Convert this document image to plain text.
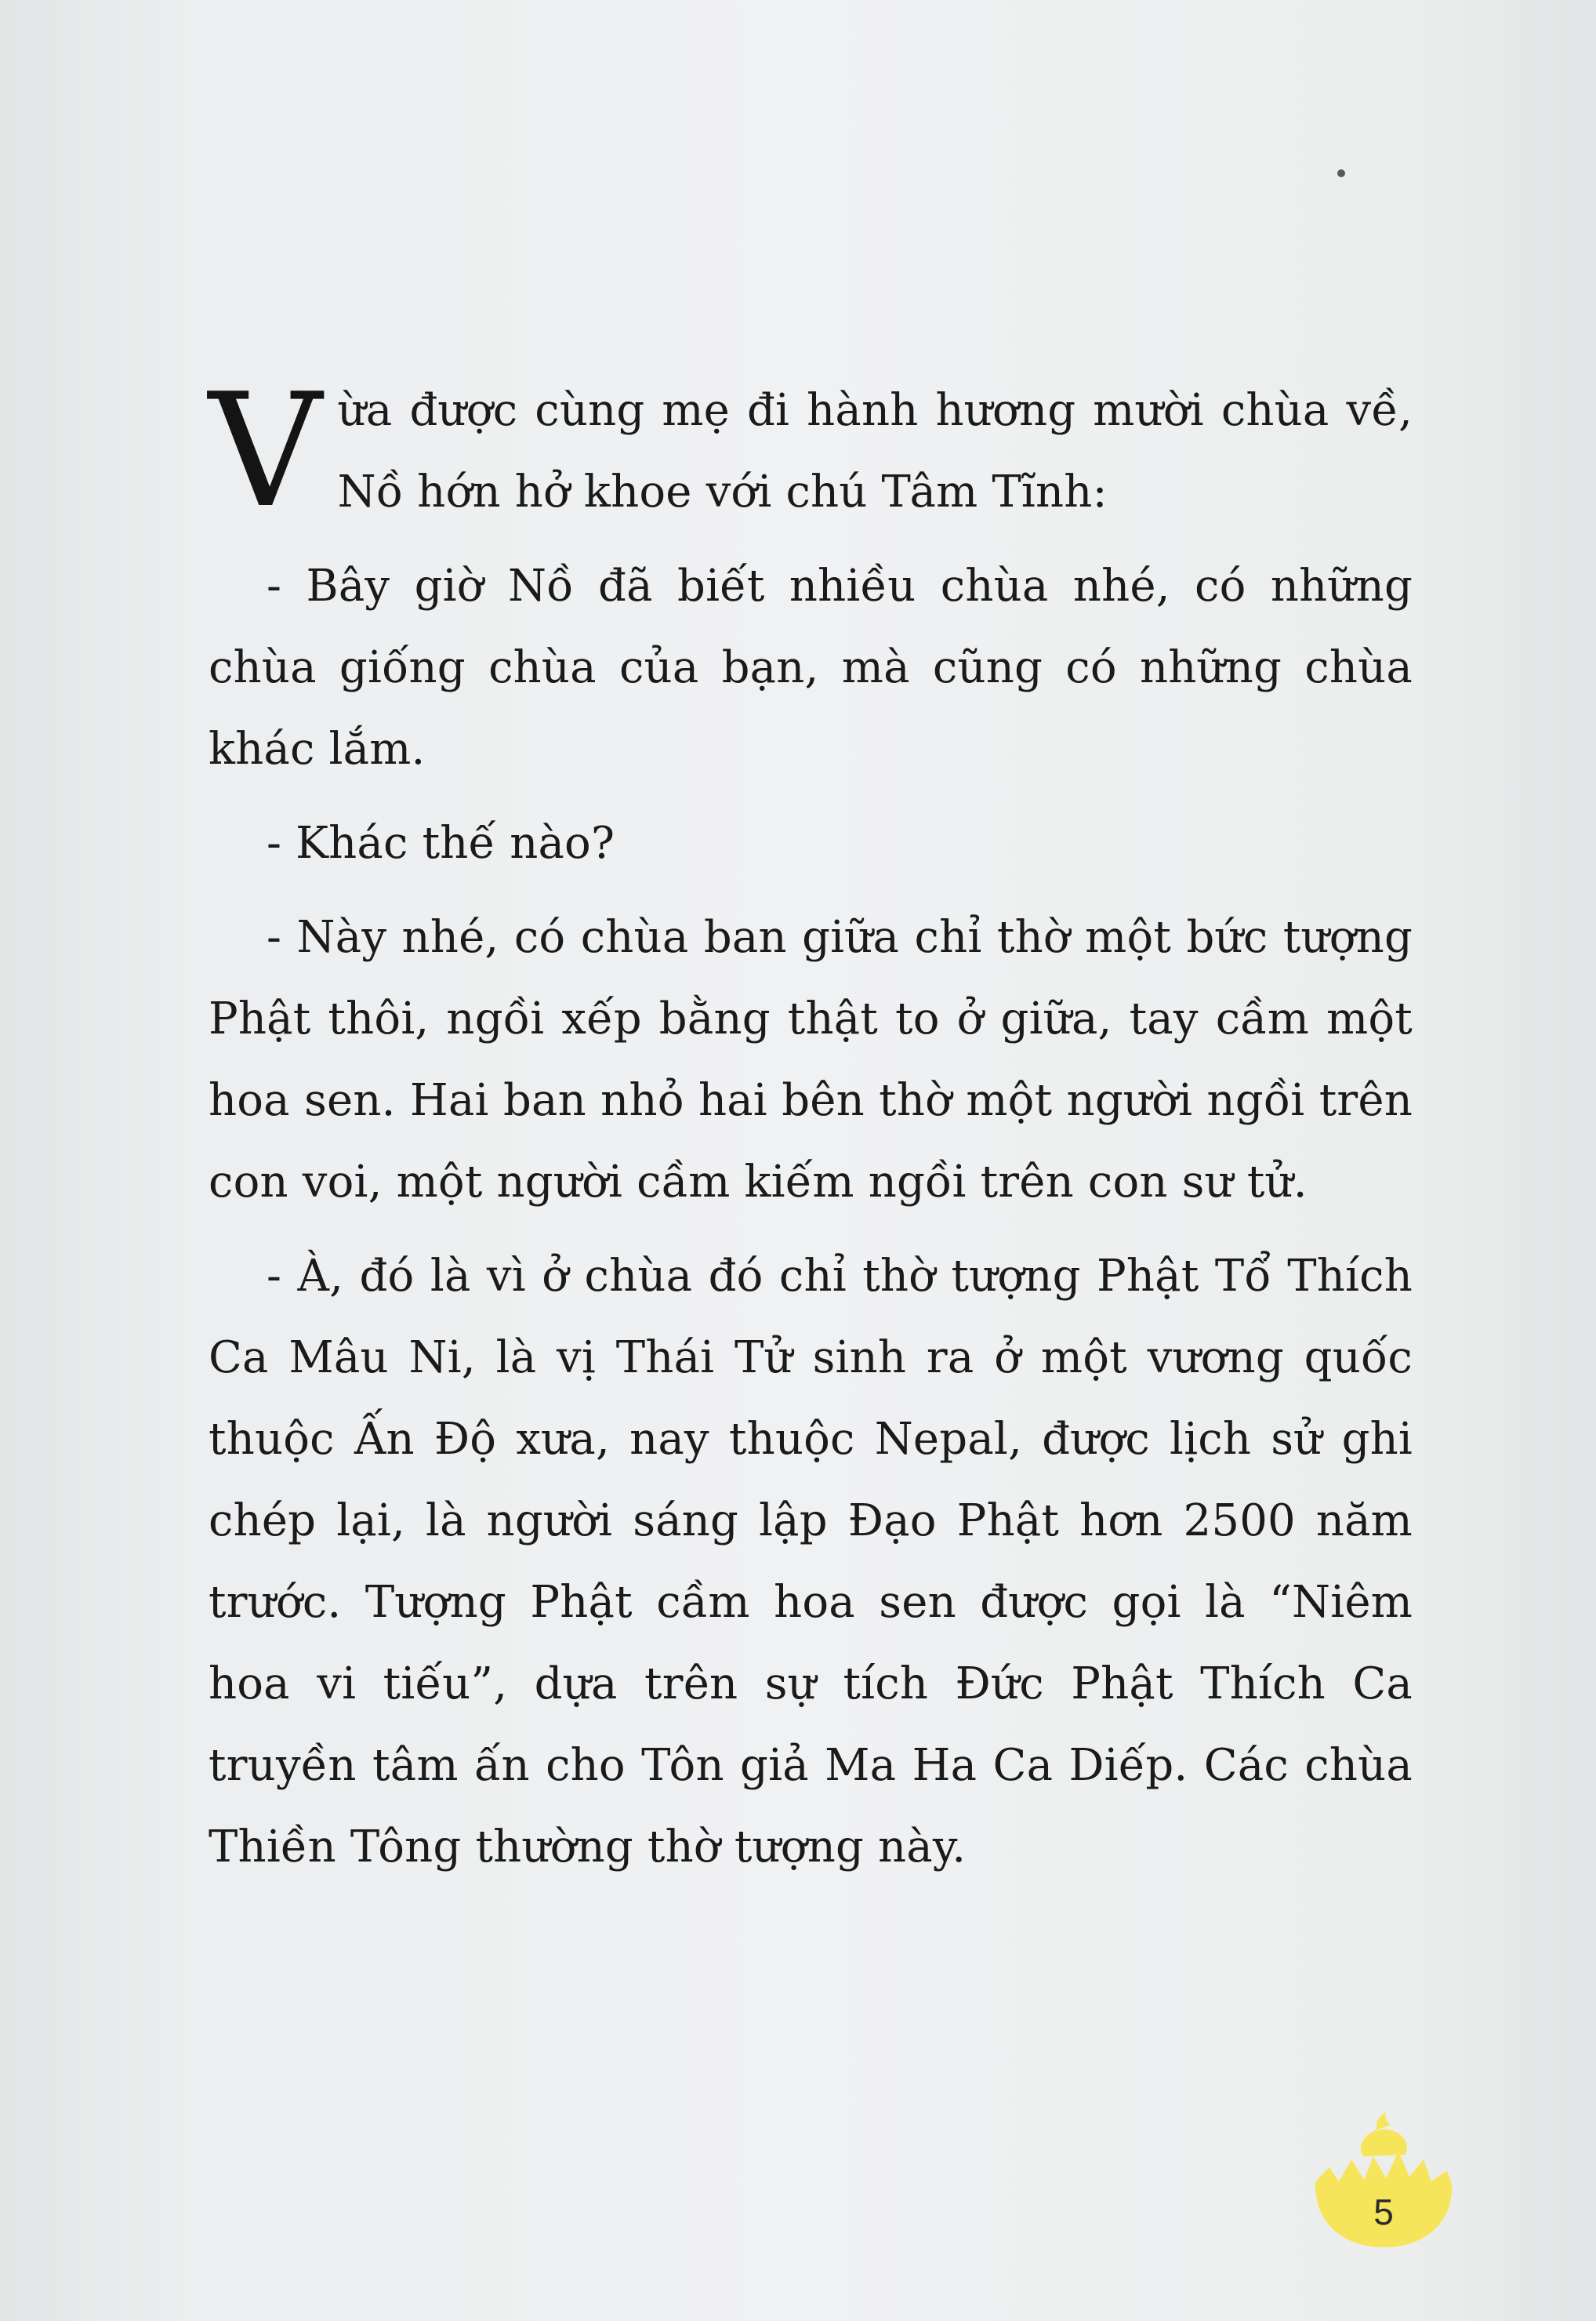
Vừa được cùng mẹ đi hành hương mười chùa về, Nồ hớn hở khoe với chú Tâm Tĩnh:

- Bây giờ Nồ đã biết nhiều chùa nhé, có những chùa giống chùa của bạn, mà cũng có những chùa khác lắm.

- Khác thế nào?

- Này nhé, có chùa ban giữa chỉ thờ một bức tượng Phật thôi, ngồi xếp bằng thật to ở giữa, tay cầm một hoa sen. Hai ban nhỏ hai bên thờ một người ngồi trên con voi, một người cầm kiếm ngồi trên con sư tử.

- À, đó là vì ở chùa đó chỉ thờ tượng Phật Tổ Thích Ca Mâu Ni, là vị Thái Tử sinh ra ở một vương quốc thuộc Ấn Độ xưa, nay thuộc Nepal, được lịch sử ghi chép lại, là người sáng lập Đạo Phật hơn 2500 năm trước. Tượng Phật cầm hoa sen được gọi là “Niêm hoa vi tiếu”, dựa trên sự tích Đức Phật Thích Ca truyền tâm ấn cho Tôn giả Ma Ha Ca Diếp. Các chùa Thiền Tông thường thờ tượng này.

5
